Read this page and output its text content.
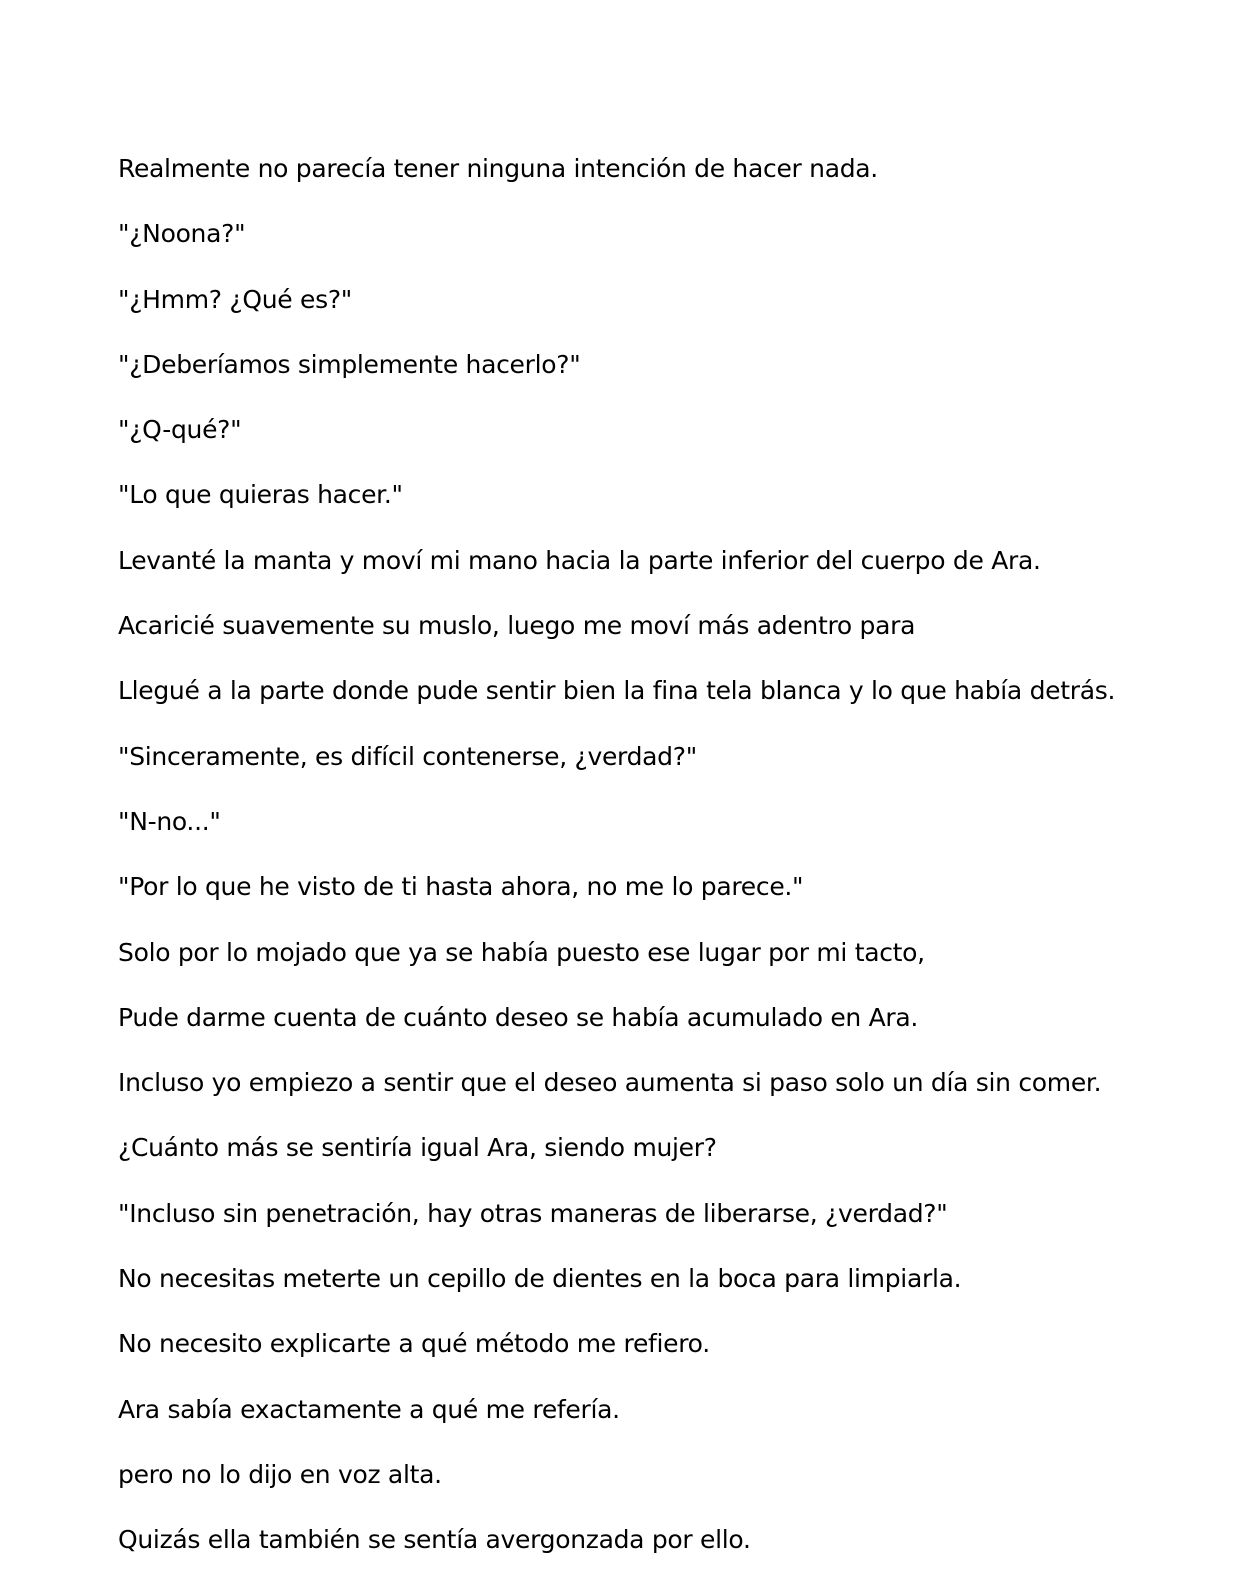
Realmente no parecía tener ninguna intención de hacer nada.
"¿Noona?"
"¿Hmm? ¿Qué es?"
"¿Deberíamos simplemente hacerlo?"
"¿Q-qué?"
"Lo que quieras hacer."
Levanté la manta y moví mi mano hacia la parte inferior del cuerpo de Ara.
Acaricié suavemente su muslo, luego me moví más adentro para
Llegué a la parte donde pude sentir bien la fina tela blanca y lo que había detrás.
"Sinceramente, es difícil contenerse, ¿verdad?"
"N-no..."
"Por lo que he visto de ti hasta ahora, no me lo parece."
Solo por lo mojado que ya se había puesto ese lugar por mi tacto,
Pude darme cuenta de cuánto deseo se había acumulado en Ara.
Incluso yo empiezo a sentir que el deseo aumenta si paso solo un día sin comer.
¿Cuánto más se sentiría igual Ara, siendo mujer?
"Incluso sin penetración, hay otras maneras de liberarse, ¿verdad?"
No necesitas meterte un cepillo de dientes en la boca para limpiarla.
No necesito explicarte a qué método me refiero.
Ara sabía exactamente a qué me refería.
pero no lo dijo en voz alta.
Quizás ella también se sentía avergonzada por ello.
